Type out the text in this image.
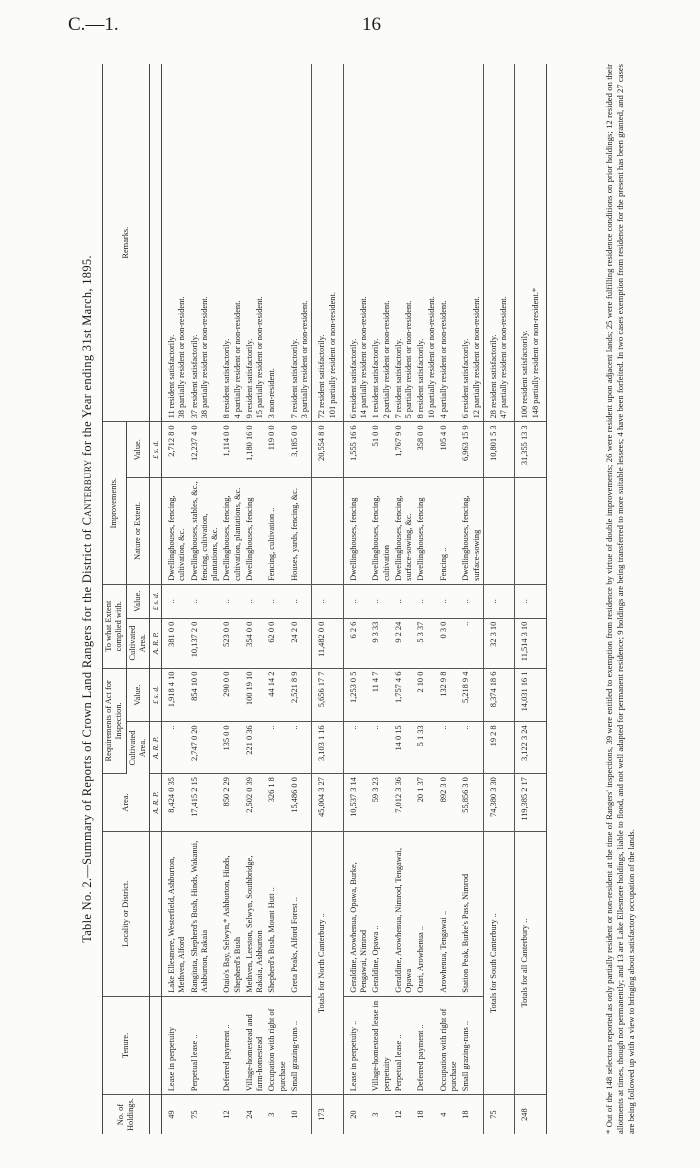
C.—1.	16
Table No. 2.—Summary of Reports of Crown Land Rangers for the District of Canterbury for the Year ending 31st March, 1895.
No. of Holdings.	Tenure.	Locality or District.	Area.	Requirements of Act for Inspection.		To what Extent complied with.		Improvements.		Remarks.
				Cultivated Area.	Value.	Cultivated Area.	Value.	Nature or Extent.	Value.	
			A. R. P.	A. R. P.	£ s. d.	A. R. P.	£ s. d.		£ s. d.	
49	Lease in perpetuity	Lake Ellesmere, Westerfield, Ashburton, Methven, Alford	8,424 0 35	..	1,918 4 10	381 0 0	..	Dwellinghouses, fencing, cultivation, &c.	2,712 8 0	11 resident satisfactorily. 38 partially resident or non-resident.

75	Perpetual lease ..	Rangitata, Shepherd's Bush, Hinds, Wakanui, Ashburton, Rakaia	17,415 2 15	2,747 0 20	854 10 0	10,137 2 0	..	Dwellinghouses, stables, &c., fencing, cultivation, plantations, &c.	12,237 4 0	37 resident satisfactorily. 38 partially resident or non-resident.

12	Deferred payment ..	Otaio's Bay, Selwyn,* Ashburton, Hinds, Shepherd's Bush	850 2 29	135 0 0	290 0 0	523 0 0	..	Dwellinghouses, fencing, cultivation, plantations, &c.	1,114 0 0	8 resident satisfactorily. 4 partially resident or non-resident.

24	Village-homestead and farm-homestead	Methven, Leeston, Selwyn, Southbridge, Rakaia, Ashburton	2,502 0 39	221 0 36	100 19 10	354 0 0	..	Dwellinghouses, fencing	1,180 16 0	9 resident satisfactorily. 15 partially resident or non-resident.

3	Occupation with right of purchase	Shepherd's Bush, Mount Hutt ..	326 1 8	..	44 14 2	62 0 0	..	Fencing, cultivation ..	119 0 0	3 non-resident.

10	Small grazing-runs ..	Greta Peaks, Alford Forest ..	15,486 0 0	..	2,521 8 9	24 2 0	..	Houses, yards, fencing, &c.	3,185 0 0	7 resident satisfactorily. 3 partially resident or non-resident.

173	Totals for North Canterbury ..		45,004 3 27	3,103 1 16	5,656 17 7	11,482 0 0	..		20,554 8 0	72 resident satisfactorily. 101 partially resident or non-resident.

20	Lease in perpetuity ..	Geraldine, Arowhenua, Opawa, Burke, Pengawai, Nimrod	10,537 3 14	..	1,253 0 5	6 2 6	..	Dwellinghouses, fencing	1,555 16 6	6 resident satisfactorily. 14 partially resident or non-resident.

3	Village-homestead lease in perpetuity	Geraldine, Opawa ..	59 3 23	..	11 4 7	9 3 33	..	Dwellinghouses, fencing, cultivation	51 0 0	1 resident satisfactorily. 2 partially resident or non-resident.

12	Perpetual lease ..	Geraldine, Arowhenua, Nimrod, Tengawai, Opawa	7,012 3 36	14 0 15	1,757 4 6	9 2 24	..	Dwellinghouses, fencing, surface-sowing, &c.	1,767 9 0	7 resident satisfactorily. 5 partially resident or non-resident.

18	Deferred payment ..	Orari, Arowhenua ..	20 1 37	5 1 33	2 10 0	5 3 37	..	Dwellinghouses, fencing	358 0 0	8 resident satisfactorily. 10 partially resident or non-resident.

4	Occupation with right of purchase	Arowhenua, Tengawai ..	892 3 0	..	132 9 8	0 3 0	..	Fencing ..	105 4 0	4 partially resident or non-resident.

18	Small grazing-runs ..	Station Peak, Burke's Pass, Nimrod	55,856 3 0	..	5,218 9 4	..	..	Dwellinghouses, fencing, surface-sowing	6,963 15 9	6 resident satisfactorily. 12 partially resident or non-resident.

75	Totals for South Canterbury ..		74,380 3 30	19 2 8	8,374 18 6	32 3 10	..		10,801 5 3	28 resident satisfactorily. 47 partially resident or non-resident.

248	Totals for all Canterbury ..		119,385 2 17	3,122 3 24	14,031 16 1	11,514 3 10	..		31,355 13 3	100 resident satisfactorily. 148 partially resident or non-resident.*	* Out of the 148 selectors reported as only partially resident or non-resident at the time of Rangers' inspections, 39 were entitled to exemption from residence by virtue of double improvements; 26 were resident upon adjacent lands; 25 were fulfilling residence conditions on prior holdings; 12 resided on their allotments at times, though not permanently; and 13 are Lake Ellesmere holdings, liable to flood, and not well adapted for permanent residence; 9 holdings are being transferred to more suitable lessees; 4 have been forfeited. In two cases exemption from residence for the present has been granted, and 27 cases are being followed up with a view to bringing about satisfactory occupation of the lands.
